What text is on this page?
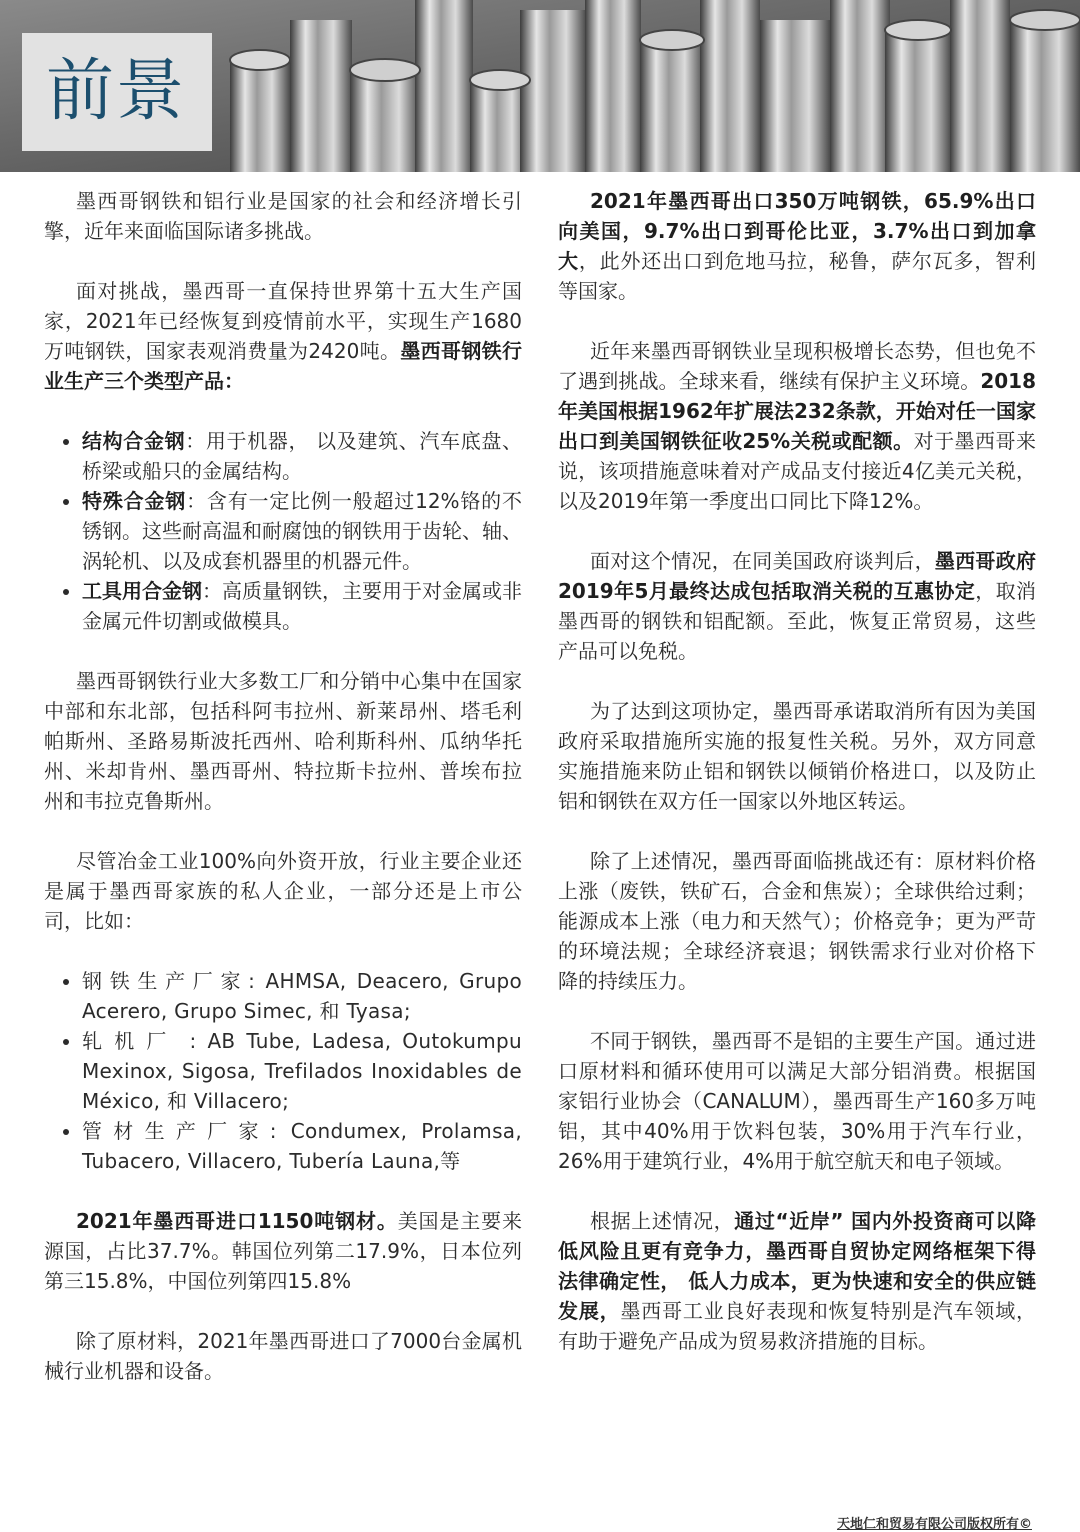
前景

墨西哥钢铁和铝行业是国家的社会和经济增长引擎，近年来面临国际诸多挑战。

面对挑战，墨西哥一直保持世界第十五大生产国家，2021年已经恢复到疫情前水平，实现生产1680万吨钢铁，国家表观消费量为2420吨。墨西哥钢铁行业生产三个类型产品：

• 结构合金钢：用于机器， 以及建筑、汽车底盘、桥梁或船只的金属结构。
• 特殊合金钢：含有一定比例一般超过12%铬的不锈钢。这些耐高温和耐腐蚀的钢铁用于齿轮、轴、涡轮机、以及成套机器里的机器元件。
• 工具用合金钢：高质量钢铁，主要用于对金属或非金属元件切割或做模具。

墨西哥钢铁行业大多数工厂和分销中心集中在国家中部和东北部，包括科阿韦拉州、新莱昂州、塔毛利帕斯州、圣路易斯波托西州、哈利斯科州、瓜纳华托州、米却肯州、墨西哥州、特拉斯卡拉州、普埃布拉州和韦拉克鲁斯州。

尽管冶金工业100%向外资开放，行业主要企业还是属于墨西哥家族的私人企业，一部分还是上市公司，比如：

• 钢铁生产厂家: AHMSA, Deacero, Grupo Acerero, Grupo Simec, 和 Tyasa;
• 轧机厂 : AB Tube, Ladesa, Outokumpu Mexinox, Sigosa, Trefilados Inoxidables de México, 和 Villacero;
• 管材生产厂家: Condumex, Prolamsa, Tubacero, Villacero, Tubería Launa,等

2021年墨西哥进口1150吨钢材。美国是主要来源国，占比37.7%。韩国位列第二17.9%，日本位列第三15.8%，中国位列第四15.8%

除了原材料，2021年墨西哥进口了7000台金属机械行业机器和设备。

2021年墨西哥出口350万吨钢铁，65.9%出口向美国，9.7%出口到哥伦比亚，3.7%出口到加拿大，此外还出口到危地马拉，秘鲁，萨尔瓦多，智利等国家。

近年来墨西哥钢铁业呈现积极增长态势，但也免不了遇到挑战。全球来看，继续有保护主义环境。2018年美国根据1962年扩展法232条款，开始对任一国家出口到美国钢铁征收25%关税或配额。对于墨西哥来说，该项措施意味着对产成品支付接近4亿美元关税，以及2019年第一季度出口同比下降12%。

面对这个情况，在同美国政府谈判后，墨西哥政府2019年5月最终达成包括取消关税的互惠协定，取消墨西哥的钢铁和铝配额。至此，恢复正常贸易，这些产品可以免税。

为了达到这项协定，墨西哥承诺取消所有因为美国政府采取措施所实施的报复性关税。另外，双方同意实施措施来防止铝和钢铁以倾销价格进口，以及防止铝和钢铁在双方任一国家以外地区转运。

除了上述情况，墨西哥面临挑战还有：原材料价格上涨（废铁，铁矿石，合金和焦炭）；全球供给过剩；能源成本上涨（电力和天然气）；价格竞争；更为严苛的环境法规；全球经济衰退；钢铁需求行业对价格下降的持续压力。

不同于钢铁，墨西哥不是铝的主要生产国。通过进口原材料和循环使用可以满足大部分铝消费。根据国家铝行业协会（CANALUM），墨西哥生产160多万吨铝，其中40%用于饮料包装，30%用于汽车行业，26%用于建筑行业，4%用于航空航天和电子领域。

根据上述情况，通过“近岸” 国内外投资商可以降低风险且更有竞争力，墨西哥自贸协定网络框架下得法律确定性， 低人力成本，更为快速和安全的供应链发展，墨西哥工业良好表现和恢复特别是汽车领域，有助于避免产品成为贸易救济措施的目标。

天地仁和贸易有限公司版权所有©
